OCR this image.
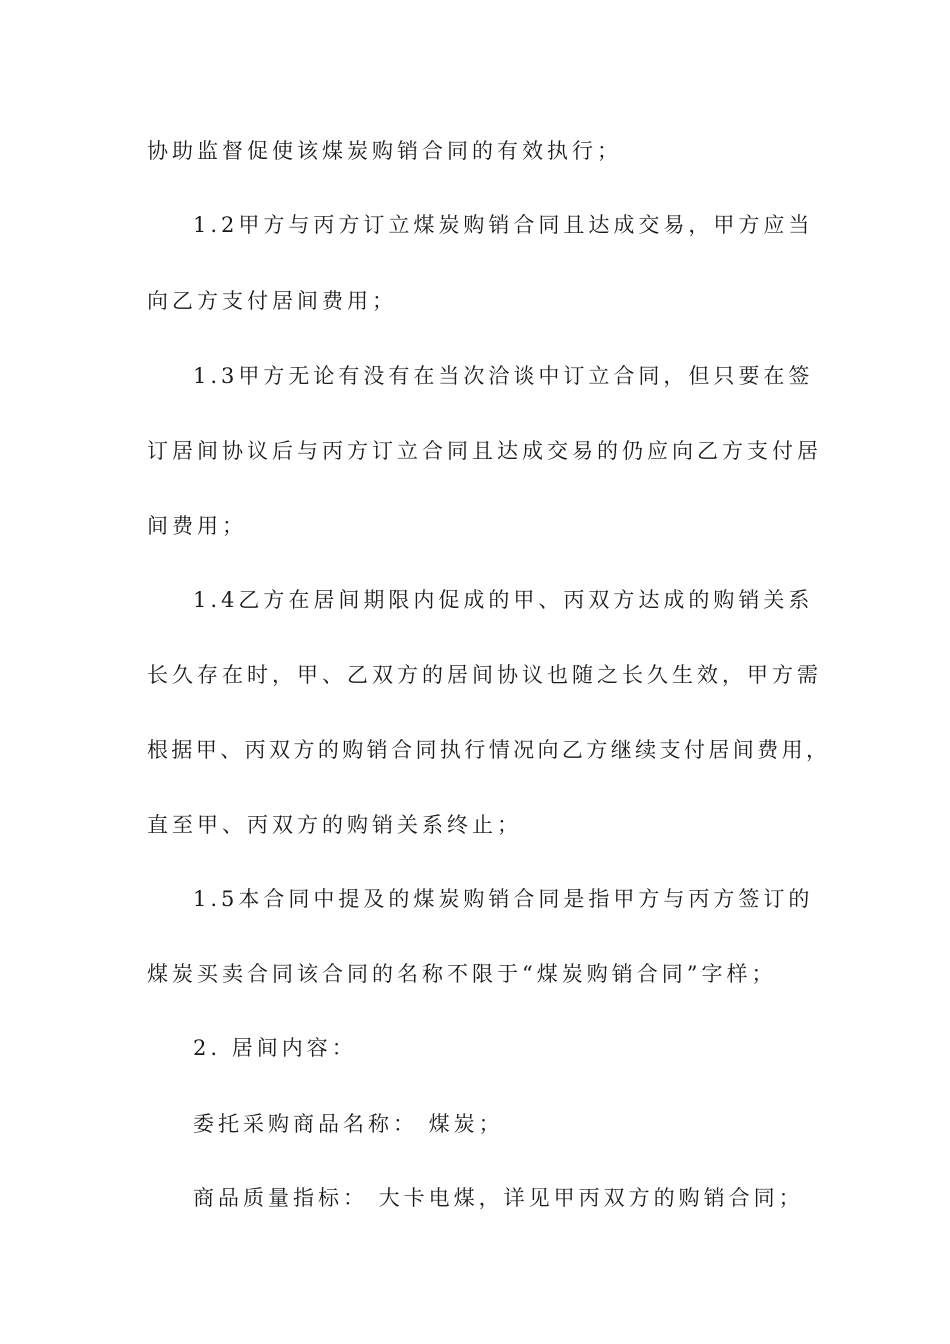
协助监督促使该煤炭购销合同的有效执行；
1.2甲方与丙方订立煤炭购销合同且达成交易，甲方应当
向乙方支付居间费用；
1.3甲方无论有没有在当次洽谈中订立合同，但只要在签
订居间协议后与丙方订立合同且达成交易的仍应向乙方支付居
间费用；
1.4乙方在居间期限内促成的甲、丙双方达成的购销关系
长久存在时，甲、乙双方的居间协议也随之长久生效，甲方需
根据甲、丙双方的购销合同执行情况向乙方继续支付居间费用，
直至甲、丙双方的购销关系终止；
1.5本合同中提及的煤炭购销合同是指甲方与丙方签订的
煤炭买卖合同该合同的名称不限于“煤炭购销合同”字样；
2. 居间内容：
委托采购商品名称： 煤炭；
商品质量指标： 大卡电煤，详见甲丙双方的购销合同；
